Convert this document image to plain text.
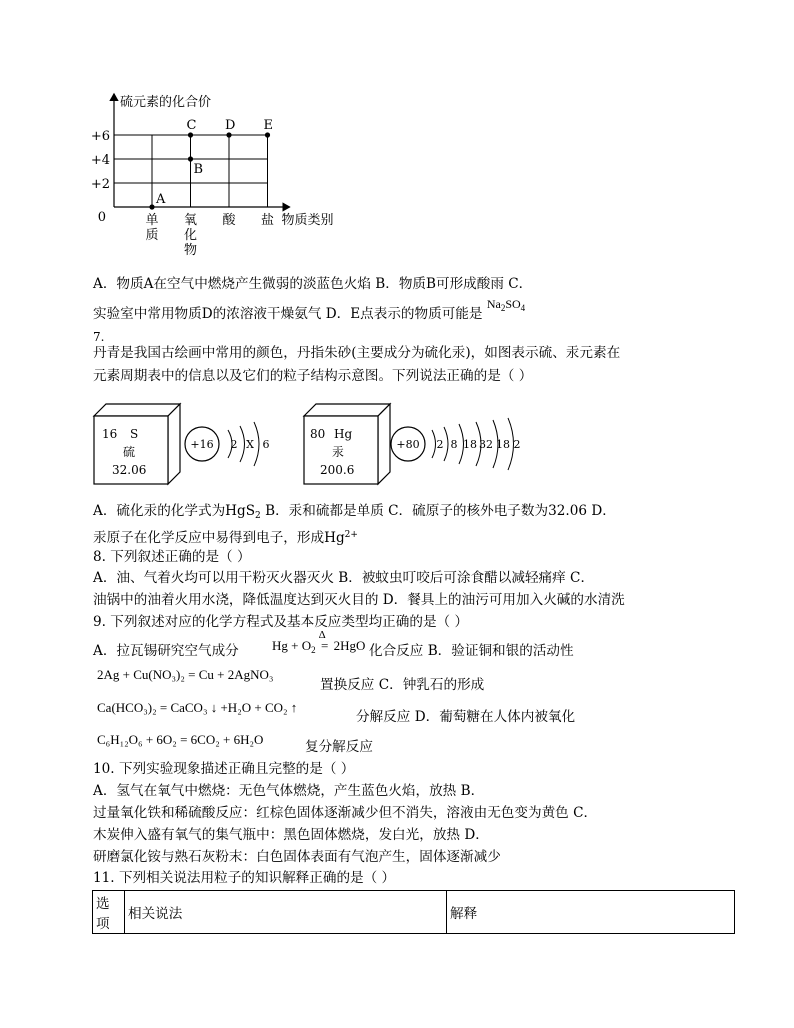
硫元素的化合价
+2
+4
+6
0	单
质
氧
化
物
酸 盐 物质类别
A
B
C D E
A．物质A在空气中燃烧产生微弱的淡蓝色火焰 B．物质B可形成酸雨 C．
实验室中常用物质D的浓溶液干燥氨气 D．E点表示的物质可能是 $Na_2SO_4$
7.
丹青是我国古绘画中常用的颜色，丹指朱砂(主要成分为硫化汞)，如图表示硫、汞元素在
元素周期表中的信息以及它们的粒子结构示意图。下列说法正确的是（ ）
16 S
硫
32.06
+16 2 X 6
80 Hg
汞
200.6
+80 2 8 18 32 18 2
A．硫化汞的化学式为HgS$_2$ B．汞和硫都是单质 C．硫原子的核外电子数为32.06 D．
汞原子在化学反应中易得到电子，形成$Hg^{2+}$
8. 下列叙述正确的是（ ）
A．油、气着火均可以用干粉灭火器灭火 B．被蚊虫叮咬后可涂食醋以减轻痛痒 C．
油锅中的油着火用水浇，降低温度达到灭火目的 D．餐具上的油污可用加入火碱的水清洗
9. 下列叙述对应的化学方程式及基本反应类型均正确的是（ ）
A．拉瓦锡研究空气成分	$Hg + O_2$
Δ
= 2HgO 化合反应 B．验证铜和银的活动性
2Ag + Cu(NO₃)₂ = Cu + 2AgNO₃
置换反应 C．钟乳石的形成
Ca(HCO₃)₂ = CaCO₃ ↓ +H₂O + CO₂ ↑
分解反应 D．葡萄糖在人体内被氧化
C₆H₁₂O₆ + 6O₂ = 6CO₂ + 6H₂O	复分解反应
10. 下列实验现象描述正确且完整的是（ ）
A．氢气在氧气中燃烧：无色气体燃烧，产生蓝色火焰，放热 B．
过量氧化铁和稀硫酸反应：红棕色固体逐渐减少但不消失，溶液由无色变为黄色 C．
木炭伸入盛有氧气的集气瓶中：黑色固体燃烧，发白光，放热 D．
研磨氯化铵与熟石灰粉末：白色固体表面有气泡产生，固体逐渐减少
11. 下列相关说法用粒子的知识解释正确的是（ ）
选项	相关说法	解释
